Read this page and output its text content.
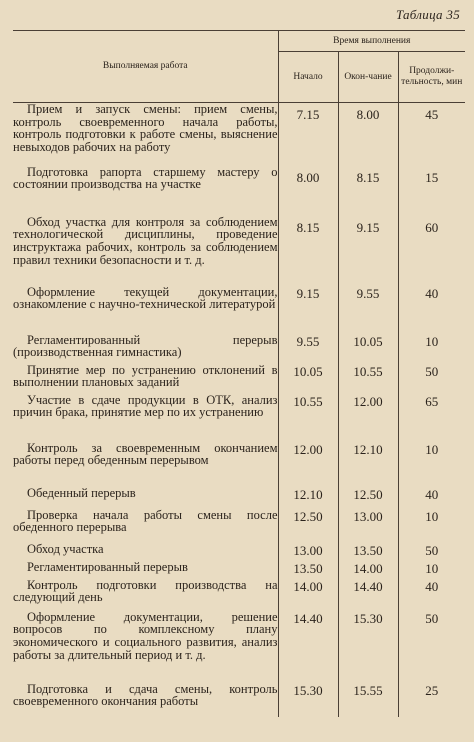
Таблица 35
Выполняемая работа	Время выполнения		
	Начало	Окон-чание	Продолжи-тельность, мин
Прием и запуск смены: прием смены, контроль своевременного начала работы, контроль подготовки к работе смены, выяснение невыходов рабочих на работу	7.15	8.00	45
Подготовка рапорта старшему мастеру о состоянии производства на участке	8.00	8.15	15
Обход участка для контроля за соблюдением технологической дисциплины, проведение инструктажа рабочих, контроль за соблюдением правил техники безопасности и т. д.	8.15	9.15	60
Оформление текущей документации, ознакомление с научно-технической литературой	9.15	9.55	40
Регламентированный перерыв (производственная гимнастика)	9.55	10.05	10
Принятие мер по устранению отклонений в выполнении плановых заданий	10.05	10.55	50
Участие в сдаче продукции в ОТК, анализ причин брака, принятие мер по их устранению	10.55	12.00	65
Контроль за своевременным окончанием работы перед обеденным перерывом	12.00	12.10	10
Обеденный перерыв	12.10	12.50	40
Проверка начала работы смены после обеденного перерыва	12.50	13.00	10
Обход участка	13.00	13.50	50
Регламентированный перерыв	13.50	14.00	10
Контроль подготовки производства на следующий день	14.00	14.40	40
Оформление документации, решение вопросов по комплексному плану экономического и социального развития, анализ работы за длительный период и т. д.	14.40	15.30	50
Подготовка и сдача смены, контроль своевременного окончания работы	15.30	15.55	25
